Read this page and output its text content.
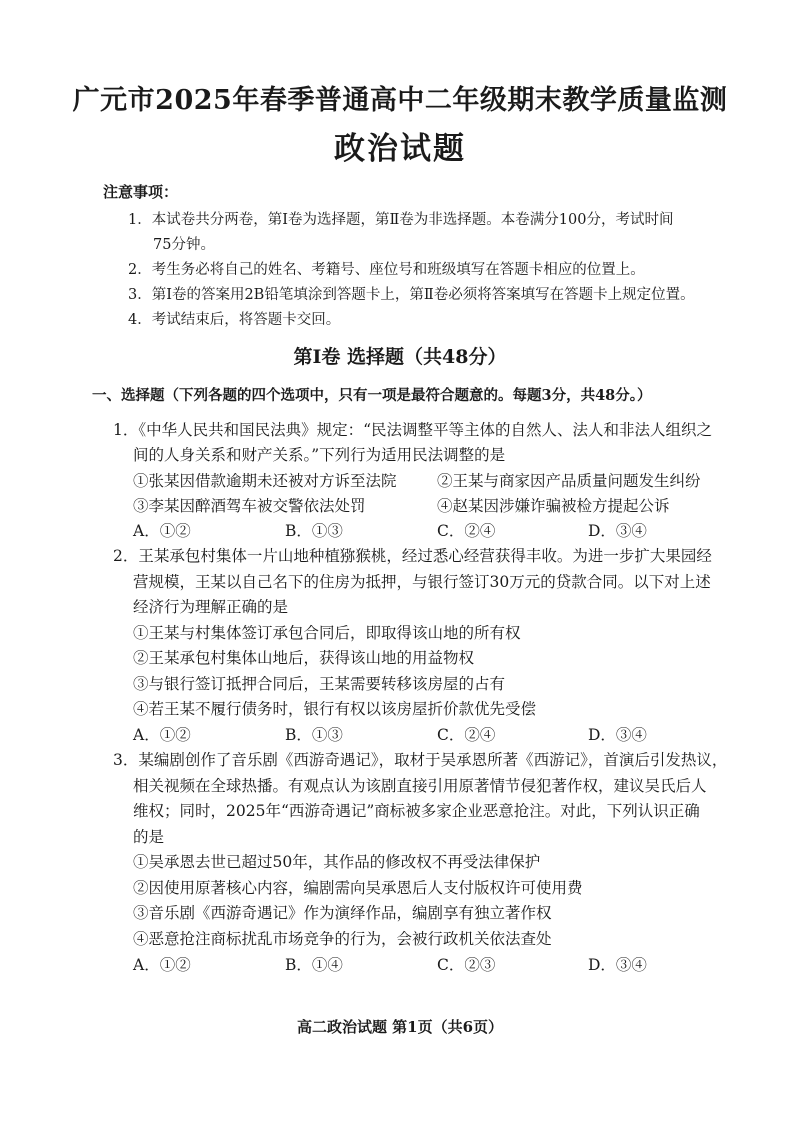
广元市2025年春季普通高中二年级期末教学质量监测
政治试题
注意事项：
1．本试卷共分两卷，第Ⅰ卷为选择题，第Ⅱ卷为非选择题。本卷满分100分，考试时间
75分钟。
2．考生务必将自己的姓名、考籍号、座位号和班级填写在答题卡相应的位置上。
3．第Ⅰ卷的答案用2B铅笔填涂到答题卡上，第Ⅱ卷必须将答案填写在答题卡上规定位置。
4．考试结束后，将答题卡交回。
第Ⅰ卷 选择题（共48分）
一、选择题（下列各题的四个选项中，只有一项是最符合题意的。每题3分，共48分。）
1．《中华人民共和国民法典》规定：“民法调整平等主体的自然人、法人和非法人组织之
间的人身关系和财产关系。”下列行为适用民法调整的是
①张某因借款逾期未还被对方诉至法院	②王某与商家因产品质量问题发生纠纷
③李某因醉酒驾车被交警依法处罚	④赵某因涉嫌诈骗被检方提起公诉
A．①②	B．①③	C．②④	D．③④
2．王某承包村集体一片山地种植猕猴桃，经过悉心经营获得丰收。为进一步扩大果园经
营规模，王某以自己名下的住房为抵押，与银行签订30万元的贷款合同。以下对上述
经济行为理解正确的是
①王某与村集体签订承包合同后，即取得该山地的所有权
②王某承包村集体山地后，获得该山地的用益物权
③与银行签订抵押合同后，王某需要转移该房屋的占有
④若王某不履行债务时，银行有权以该房屋折价款优先受偿
A．①②	B．①③	C．②④	D．③④
3．某编剧创作了音乐剧《西游奇遇记》，取材于吴承恩所著《西游记》，首演后引发热议，
相关视频在全球热播。有观点认为该剧直接引用原著情节侵犯著作权，建议吴氏后人
维权；同时，2025年“西游奇遇记”商标被多家企业恶意抢注。对此，下列认识正确
的是
①吴承恩去世已超过50年，其作品的修改权不再受法律保护
②因使用原著核心内容，编剧需向吴承恩后人支付版权许可使用费
③音乐剧《西游奇遇记》作为演绎作品，编剧享有独立著作权
④恶意抢注商标扰乱市场竞争的行为，会被行政机关依法查处
A．①②	B．①④	C．②③	D．③④
高二政治试题 第1页（共6页）
